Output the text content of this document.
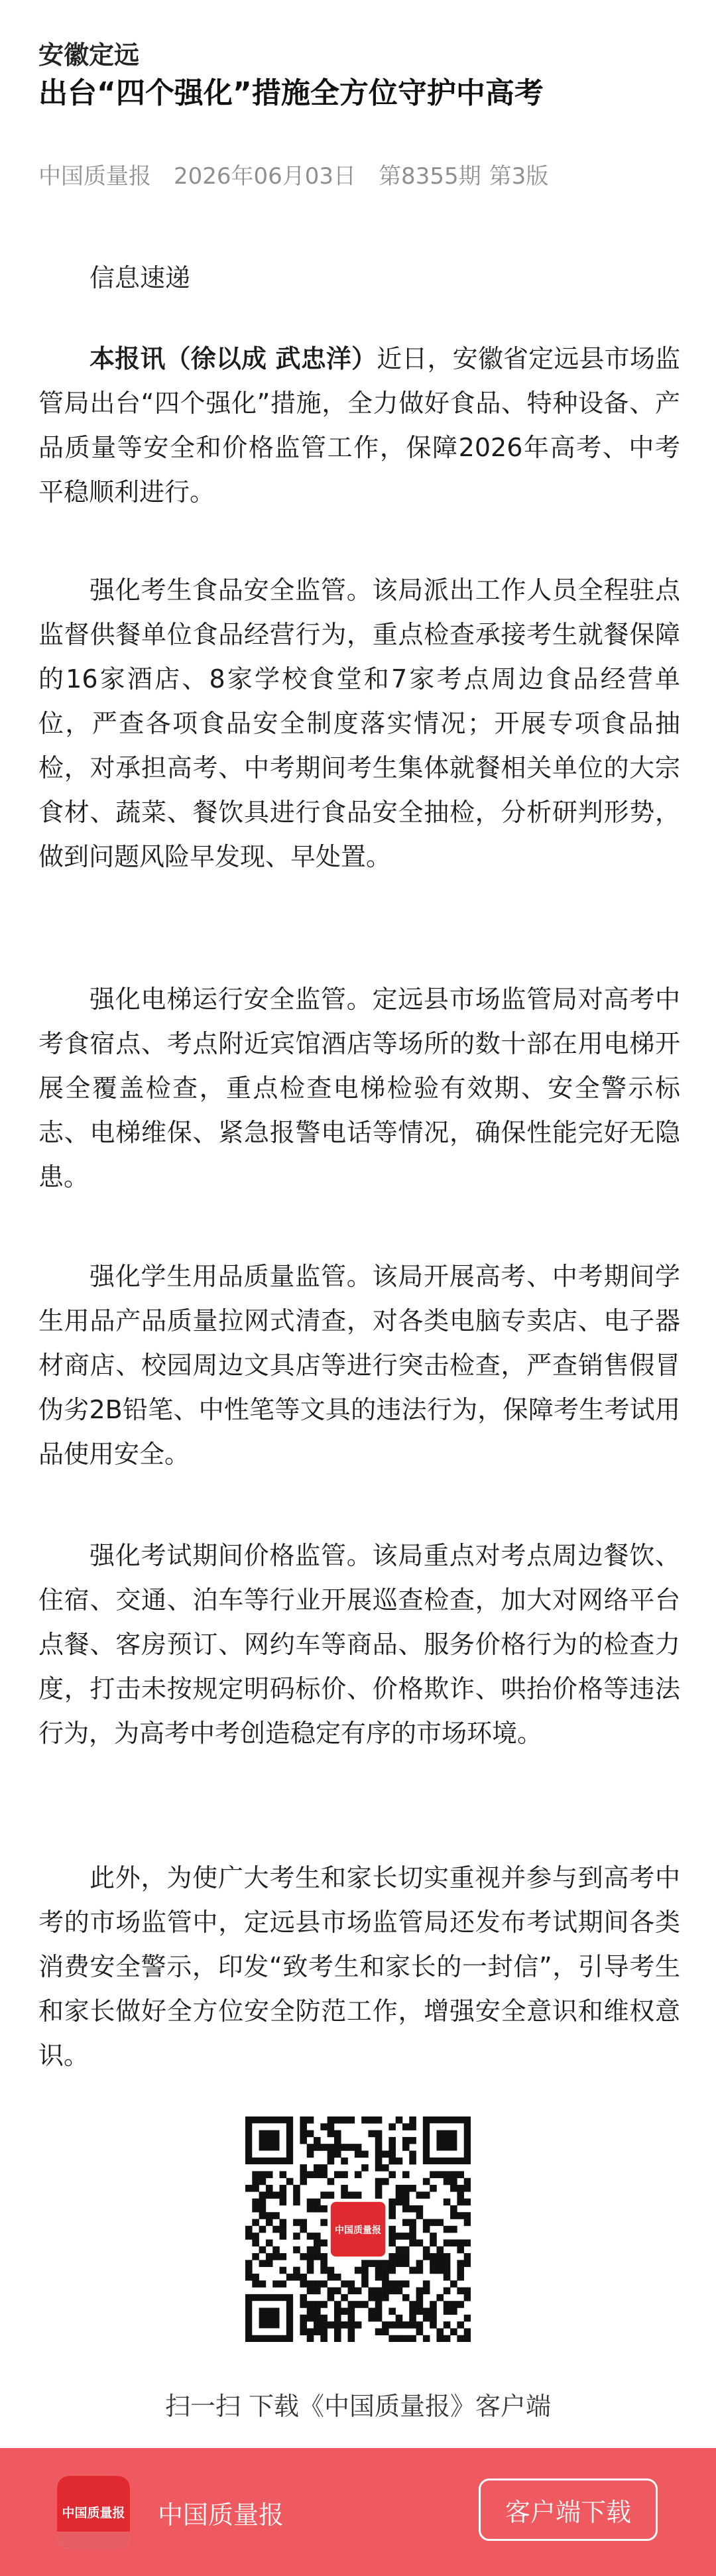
安徽定远
出台“四个强化”措施全方位守护中高考
中国质量报 2026年06月03日 第8355期 第3版
信息速递

本报讯（徐以成 武忠洋）近日，安徽省定远县市场监管局出台“四个强化”措施，全力做好食品、特种设备、产品质量等安全和价格监管工作，保障2026年高考、中考平稳顺利进行。

强化考生食品安全监管。该局派出工作人员全程驻点监督供餐单位食品经营行为，重点检查承接考生就餐保障的16家酒店、8家学校食堂和7家考点周边食品经营单位，严查各项食品安全制度落实情况；开展专项食品抽检，对承担高考、中考期间考生集体就餐相关单位的大宗食材、蔬菜、餐饮具进行食品安全抽检，分析研判形势，做到问题风险早发现、早处置。

强化电梯运行安全监管。定远县市场监管局对高考中考食宿点、考点附近宾馆酒店等场所的数十部在用电梯开展全覆盖检查，重点检查电梯检验有效期、安全警示标志、电梯维保、紧急报警电话等情况，确保性能完好无隐患。

强化学生用品质量监管。该局开展高考、中考期间学生用品产品质量拉网式清查，对各类电脑专卖店、电子器材商店、校园周边文具店等进行突击检查，严查销售假冒伪劣2B铅笔、中性笔等文具的违法行为，保障考生考试用品使用安全。

强化考试期间价格监管。该局重点对考点周边餐饮、住宿、交通、泊车等行业开展巡查检查，加大对网络平台点餐、客房预订、网约车等商品、服务价格行为的检查力度，打击未按规定明码标价、价格欺诈、哄抬价格等违法行为，为高考中考创造稳定有序的市场环境。

此外，为使广大考生和家长切实重视并参与到高考中考的市场监管中，定远县市场监管局还发布考试期间各类消费安全警示，印发“致考生和家长的一封信”，引导考生和家长做好全方位安全防范工作，增强安全意识和维权意识。

中国质量报
扫一扫 下载《中国质量报》客户端
中国质量报 中国质量报	客户端下载
